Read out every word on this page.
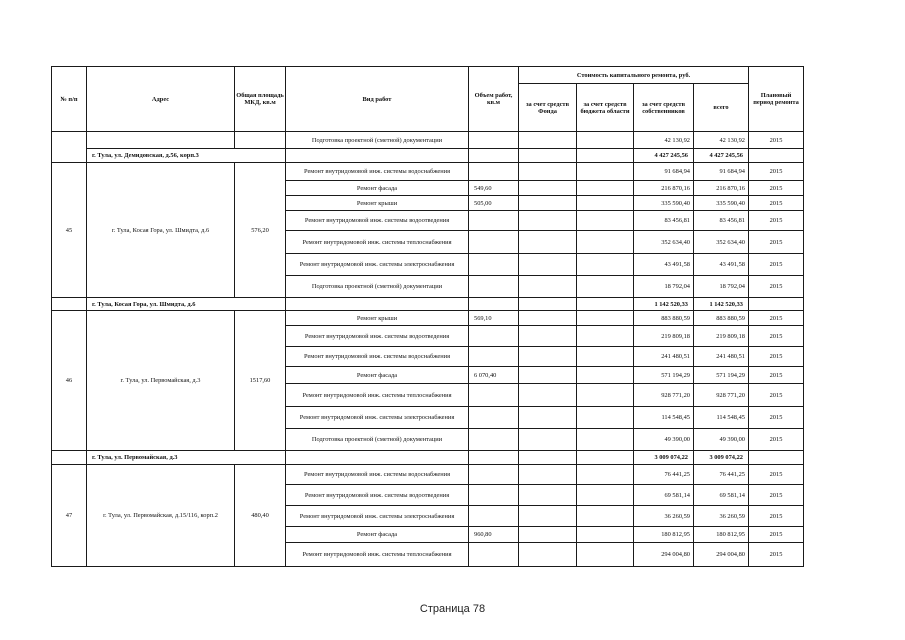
№ п/п	Адрес	Общая площадь МКД, кв.м	Вид работ	Объем работ, кв.м	Стоимость капитального ремонта, руб.				Плановый период ремонта
					за счет средств Фонда	за счет средств бюджета области	за счет средств собственников	всего	
			Подготовка проектной (сметной) документации				42 130,92	42 130,92	2015
	г. Тула, ул. Демидовская, д.56, корп.3						4 427 245,56	4 427 245,56	
45	г. Тула, Косая Гора, ул. Шмидта, д.6	576,20	Ремонт внутридомовой инж. системы водоснабжения				91 684,94	91 684,94	2015
			Ремонт фасада	549,60			216 870,16	216 870,16	2015
			Ремонт крыши	505,00			335 590,40	335 590,40	2015
			Ремонт внутридомовой инж. системы водоотведения				83 456,81	83 456,81	2015
			Ремонт внутридомовой инж. системы теплоснабжения				352 634,40	352 634,40	2015
			Ремонт внутридомовой инж. системы электроснабжения				43 491,58	43 491,58	2015
			Подготовка проектной (сметной) документации				18 792,04	18 792,04	2015
	г. Тула, Косая Гора, ул. Шмидта, д.6						1 142 520,33	1 142 520,33	
46	г. Тула, ул. Первомайская, д.3	1517,60	Ремонт крыши	569,10			883 880,59	883 880,59	2015
			Ремонт внутридомовой инж. системы водоотведения				219 809,18	219 809,18	2015
			Ремонт внутридомовой инж. системы водоснабжения				241 480,51	241 480,51	2015
			Ремонт фасада	6 070,40			571 194,29	571 194,29	2015
			Ремонт внутридомовой инж. системы теплоснабжения				928 771,20	928 771,20	2015
			Ремонт внутридомовой инж. системы электроснабжения				114 548,45	114 548,45	2015
			Подготовка проектной (сметной) документации				49 390,00	49 390,00	2015
	г. Тула, ул. Первомайская, д.3						3 009 074,22	3 009 074,22	
47	г. Тула, ул. Первомайская, д.15/116, корп.2	480,40	Ремонт внутридомовой инж. системы водоснабжения				76 441,25	76 441,25	2015
			Ремонт внутридомовой инж. системы водоотведения				69 581,14	69 581,14	2015
			Ремонт внутридомовой инж. системы электроснабжения				36 260,59	36 260,59	2015
			Ремонт фасада	960,80			180 812,95	180 812,95	2015
			Ремонт внутридомовой инж. системы теплоснабжения				294 004,80	294 004,80	2015
Страница 78
